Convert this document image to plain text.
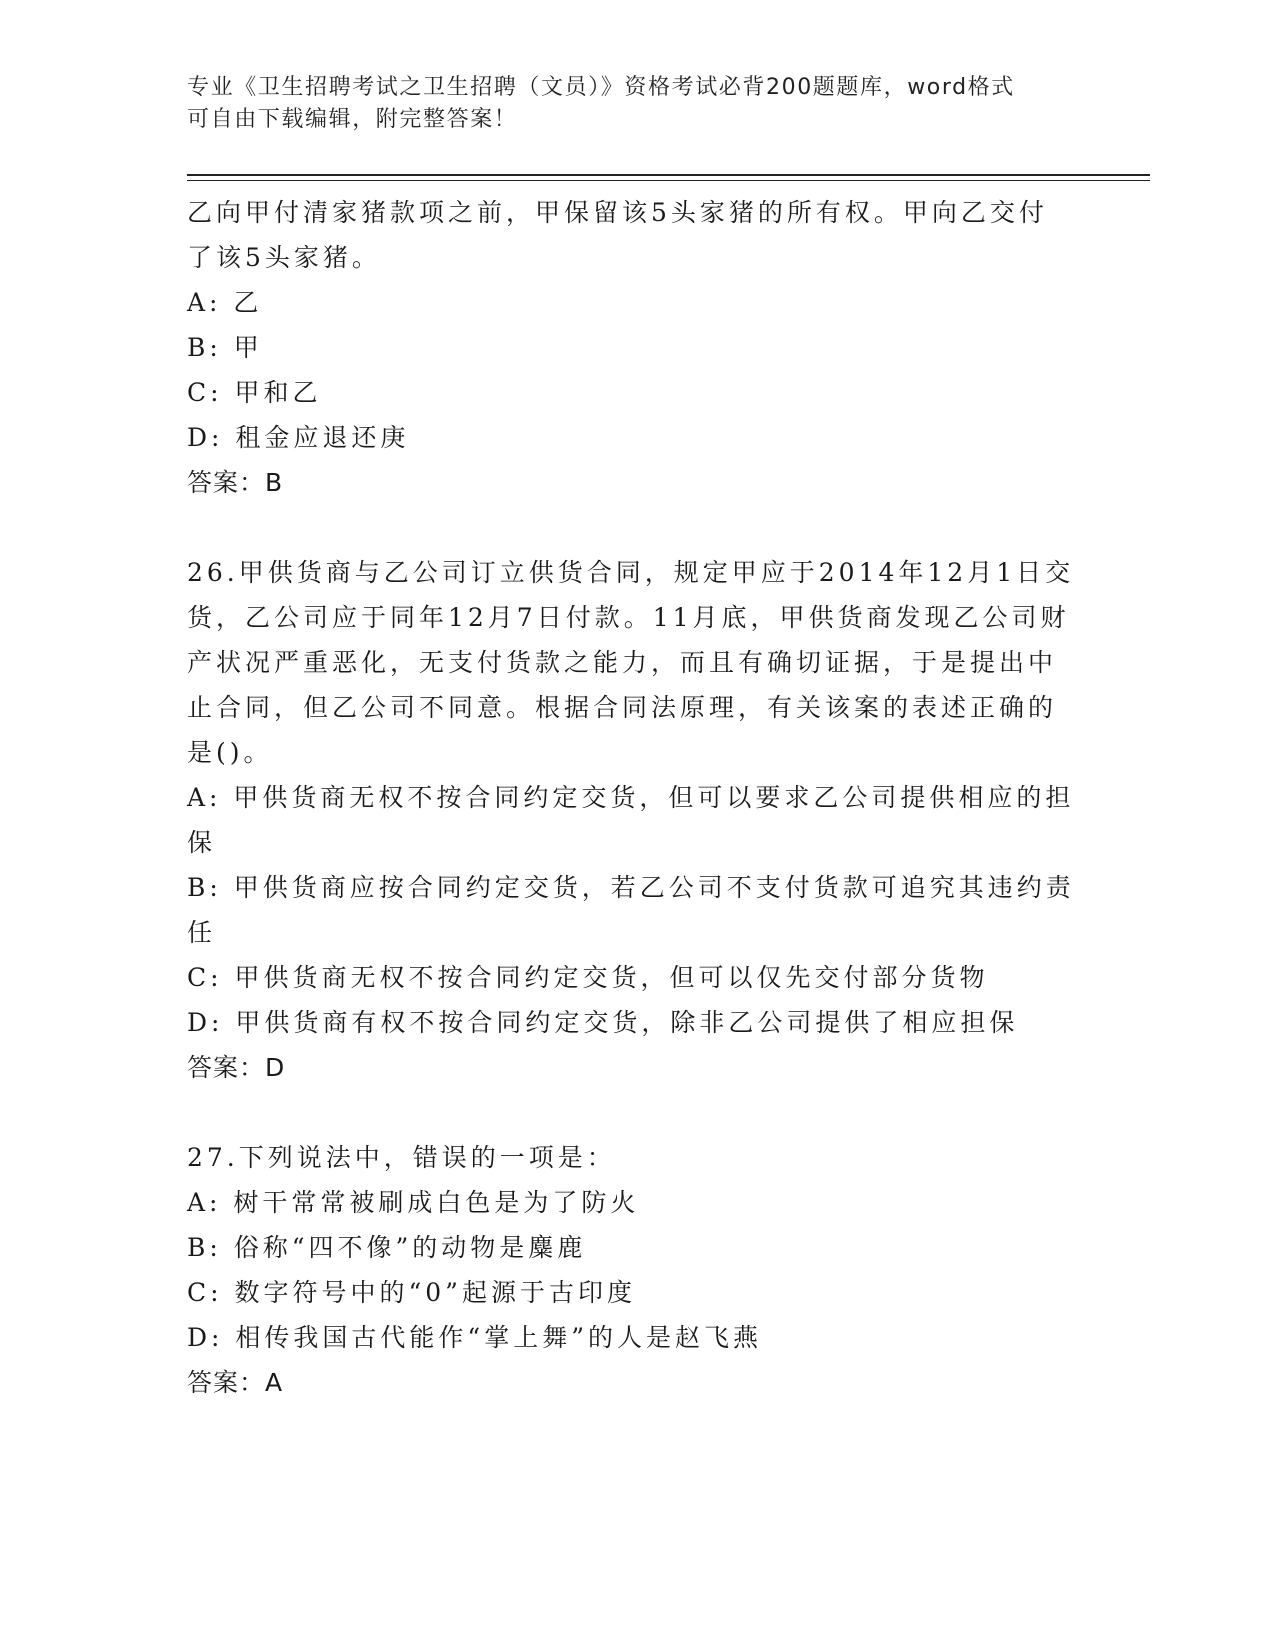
专业《卫生招聘考试之卫生招聘（文员）》资格考试必背200题题库，word格式
可自由下载编辑，附完整答案！
乙向甲付清家猪款项之前，甲保留该5头家猪的所有权。甲向乙交付
了该5头家猪。
A: 乙
B: 甲
C: 甲和乙
D: 租金应退还庚
答案：B
26.甲供货商与乙公司订立供货合同，规定甲应于2014年12月1日交
货，乙公司应于同年12月7日付款。11月底，甲供货商发现乙公司财
产状况严重恶化，无支付货款之能力，而且有确切证据，于是提出中
止合同，但乙公司不同意。根据合同法原理，有关该案的表述正确的
是()。
A: 甲供货商无权不按合同约定交货，但可以要求乙公司提供相应的担
保
B: 甲供货商应按合同约定交货，若乙公司不支付货款可追究其违约责
任
C: 甲供货商无权不按合同约定交货，但可以仅先交付部分货物
D: 甲供货商有权不按合同约定交货，除非乙公司提供了相应担保
答案：D
27.下列说法中，错误的一项是：
A: 树干常常被刷成白色是为了防火
B: 俗称“四不像”的动物是麋鹿
C: 数字符号中的“0”起源于古印度
D: 相传我国古代能作“掌上舞”的人是赵飞燕
答案：A
